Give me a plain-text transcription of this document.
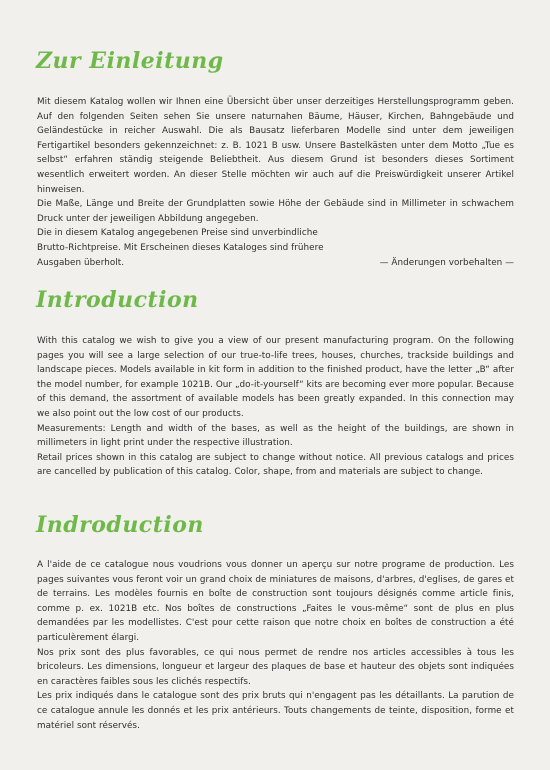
Zur Einleitung

Mit diesem Katalog wollen wir Ihnen eine Übersicht über unser derzeitiges Herstellungsprogramm geben. Auf den folgenden Seiten sehen Sie unsere naturnahen Bäume, Häuser, Kirchen, Bahngebäude und Geländestücke in reicher Auswahl. Die als Bausatz lieferbaren Modelle sind unter dem jeweiligen Fertigartikel besonders gekennzeichnet: z. B. 1021 B usw. Unsere Bastelkästen unter dem Motto „Tue es selbst“ erfahren ständig steigende Beliebtheit. Aus diesem Grund ist besonders dieses Sortiment wesentlich erweitert worden. An dieser Stelle möchten wir auch auf die Preiswürdigkeit unserer Artikel hinweisen.

Die Maße, Länge und Breite der Grundplatten sowie Höhe der Gebäude sind in Millimeter in schwachem Druck unter der jeweiligen Abbildung angegeben.

Die in diesem Katalog angegebenen Preise sind unverbindliche Brutto-Richtpreise. Mit Erscheinen dieses Kataloges sind frühere Ausgaben überholt.	— Änderungen vorbehalten —

Introduction

With this catalog we wish to give you a view of our present manufacturing program. On the following pages you will see a large selection of our true-to-life trees, houses, churches, trackside buildings and landscape pieces. Models available in kit form in addition to the finished product, have the letter „B“ after the model number, for example 1021B. Our „do-it-yourself“ kits are becoming ever more popular. Because of this demand, the assortment of available models has been greatly expanded. In this connection may we also point out the low cost of our products.

Measurements: Length and width of the bases, as well as the height of the buildings, are shown in millimeters in light print under the respective illustration.

Retail prices shown in this catalog are subject to change without notice. All previous catalogs and prices are cancelled by publication of this catalog. Color, shape, from and materials are subject to change.

Indroduction

A l'aide de ce catalogue nous voudrions vous donner un aperçu sur notre programe de production. Les pages suivantes vous feront voir un grand choix de miniatures de maisons, d'arbres, d'eglises, de gares et de terrains. Les modèles fournis en boîte de construction sont toujours désignés comme article finis, comme p. ex. 1021B etc. Nos boîtes de constructions „Faites le vous-même“ sont de plus en plus demandées par les modellistes. C'est pour cette raison que notre choix en boîtes de construction a été particulèrement élargi.

Nos prix sont des plus favorables, ce qui nous permet de rendre nos articles accessibles à tous les bricoleurs. Les dimensions, longueur et largeur des plaques de base et hauteur des objets sont indiquées en caractères faibles sous les clichés respectifs.

Les prix indiqués dans le catalogue sont des prix bruts qui n'engagent pas les détaillants. La parution de ce catalogue annule les donnés et les prix antérieurs. Touts changements de teinte, disposition, forme et matériel sont réservés.
